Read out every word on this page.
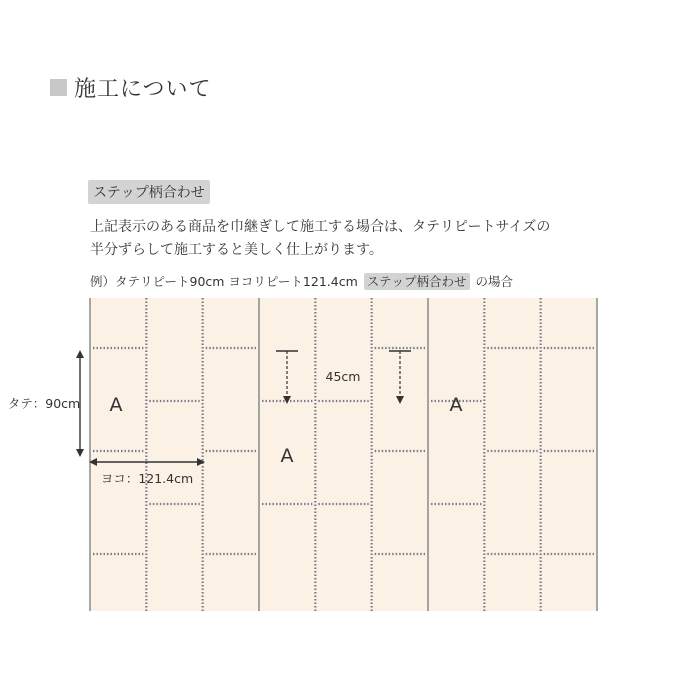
施工について
ステップ柄合わせ
上記表示のある商品を巾継ぎして施工する場合は、タテリピートサイズの
半分ずらして施工すると美しく仕上がります。
例）タテリピート90cm ヨコリピート121.4cm ステップ柄合わせ の場合
タテ：90cm
ヨコ：121.4cm
45cm
A
A
A
